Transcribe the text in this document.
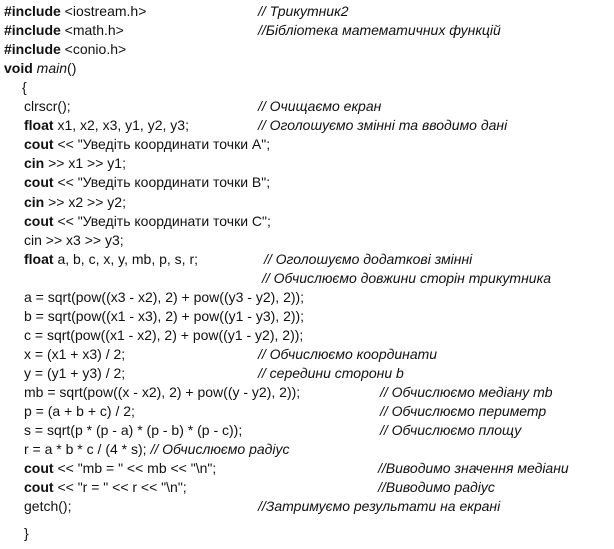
#include <iostream.h>	// Трикутник2
#include <math.h>	//Бібліотека математичних функцій
#include <conio.h>
void main()
{
clrscr();	// Очищаємо екран
float x1, x2, x3, y1, y2, y3;	// Оголошуємо змінні та вводимо дані
cout << "Уведіть координати точки А";
cin >> x1 >> y1;
cout << "Уведіть координати точки В";
cin >> x2 >> y2;
cout << "Уведіть координати точки С";
cin >> x3 >> y3;
float a, b, c, x, y, mb, p, s, r;	// Оголошуємо додаткові змінні
// Обчислюємо довжини сторін трикутника
a = sqrt(pow((x3 - x2), 2) + pow((y3 - y2), 2));
b = sqrt(pow((x1 - x3), 2) + pow((y1 - y3), 2));
c = sqrt(pow((x1 - x2), 2) + pow((y1 - y2), 2));
x = (x1 + x3) / 2;	// Обчислюємо координати
y = (y1 + y3) / 2;	// середини сторони b
mb = sqrt(pow((x - x2), 2) + pow((y - y2), 2));	// Обчислюємо медіану mb
p = (a + b + c) / 2;	// Обчислюємо периметр
s = sqrt(p * (p - a) * (p - b) * (p - c));	// Обчислюємо площу
r = a * b * c / (4 * s); // Обчислюємо радіус
cout << "mb = " << mb << "\n";	//Виводимо значення медіани
cout << "r = " << r << "\n";	//Виводимо радіус
getch();	//Затримуємо результати на екрані
}
